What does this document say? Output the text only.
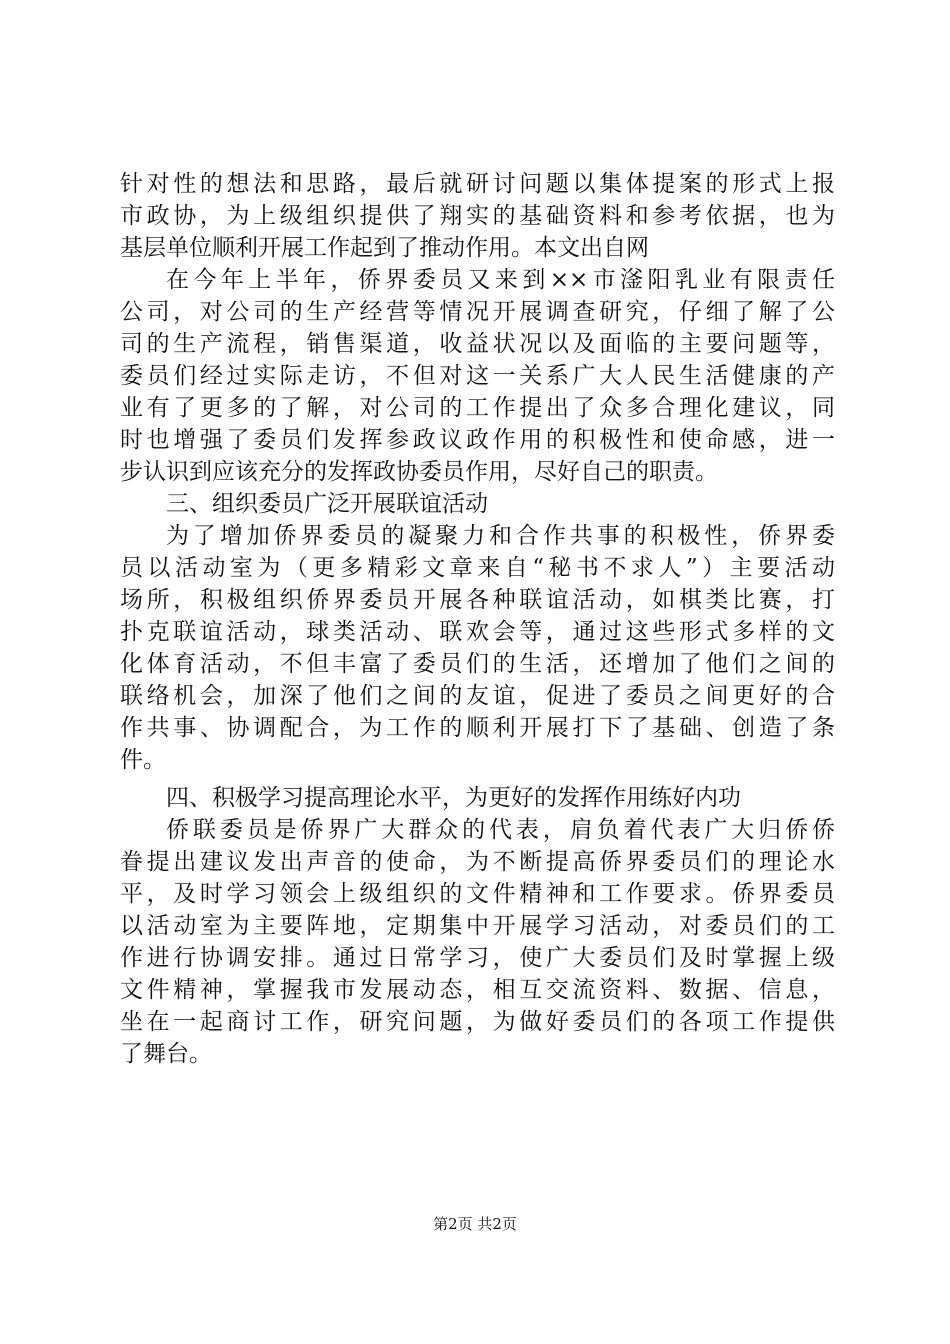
针对性的想法和思路，最后就研讨问题以集体提案的形式上报
市政协，为上级组织提供了翔实的基础资料和参考依据，也为
基层单位顺利开展工作起到了推动作用。本文出自网
在今年上半年，侨界委员又来到××市滏阳乳业有限责任
公司，对公司的生产经营等情况开展调查研究，仔细了解了公
司的生产流程，销售渠道，收益状况以及面临的主要问题等，
委员们经过实际走访，不但对这一关系广大人民生活健康的产
业有了更多的了解，对公司的工作提出了众多合理化建议，同
时也增强了委员们发挥参政议政作用的积极性和使命感，进一
步认识到应该充分的发挥政协委员作用，尽好自己的职责。
三、组织委员广泛开展联谊活动
为了增加侨界委员的凝聚力和合作共事的积极性，侨界委
员以活动室为（更多精彩文章来自“秘书不求人”）主要活动
场所，积极组织侨界委员开展各种联谊活动，如棋类比赛，打
扑克联谊活动，球类活动、联欢会等，通过这些形式多样的文
化体育活动，不但丰富了委员们的生活，还增加了他们之间的
联络机会，加深了他们之间的友谊，促进了委员之间更好的合
作共事、协调配合，为工作的顺利开展打下了基础、创造了条
件。
四、积极学习提高理论水平，为更好的发挥作用练好内功
侨联委员是侨界广大群众的代表，肩负着代表广大归侨侨
眷提出建议发出声音的使命，为不断提高侨界委员们的理论水
平，及时学习领会上级组织的文件精神和工作要求。侨界委员
以活动室为主要阵地，定期集中开展学习活动，对委员们的工
作进行协调安排。通过日常学习，使广大委员们及时掌握上级
文件精神，掌握我市发展动态，相互交流资料、数据、信息，
坐在一起商讨工作，研究问题，为做好委员们的各项工作提供
了舞台。
第2页 共2页
